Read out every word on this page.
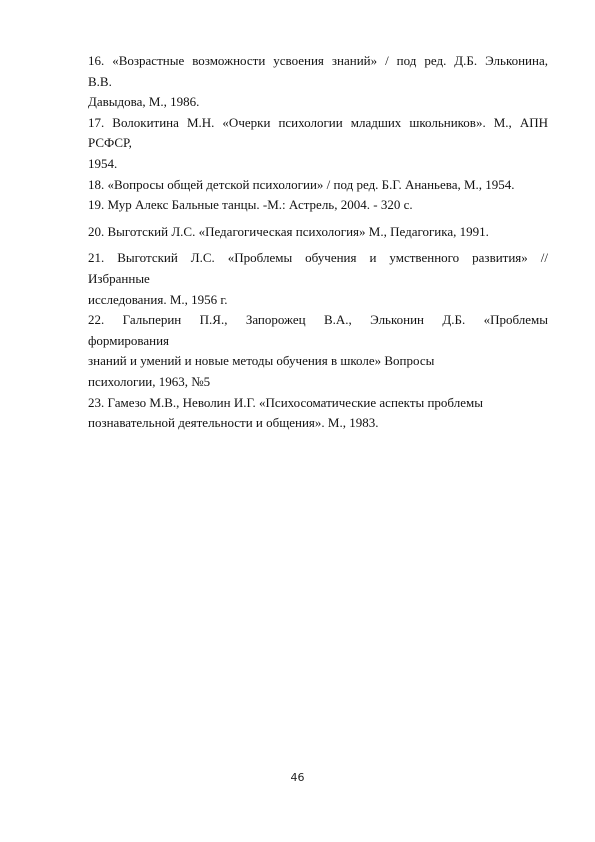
16. «Возрастные возможности усвоения знаний» / под ред. Д.Б. Эльконина,
В.В.
Давыдова, М., 1986.

17. Волокитина М.Н. «Очерки психологии младших школьников». М., АПН
РСФСР,
1954.

18. «Вопросы общей детской психологии» / под ред. Б.Г. Ананьева, М., 1954.

19. Мур Алекс Бальные танцы. -М.: Астрель, 2004. - 320 с.

20. Выготский Л.С. «Педагогическая психология» М., Педагогика, 1991.

21. Выготский Л.С. «Проблемы обучения и умственного развития» //
Избранные
исследования. М., 1956 г.

22. Гальперин П.Я., Запорожец В.А., Эльконин Д.Б. «Проблемы
формирования
знаний и умений и новые методы обучения в школе» Вопросы
психологии, 1963, №5

23. Гамезо М.В., Неволин И.Г. «Психосоматические аспекты проблемы
познавательной деятельности и общения». М., 1983.

46
